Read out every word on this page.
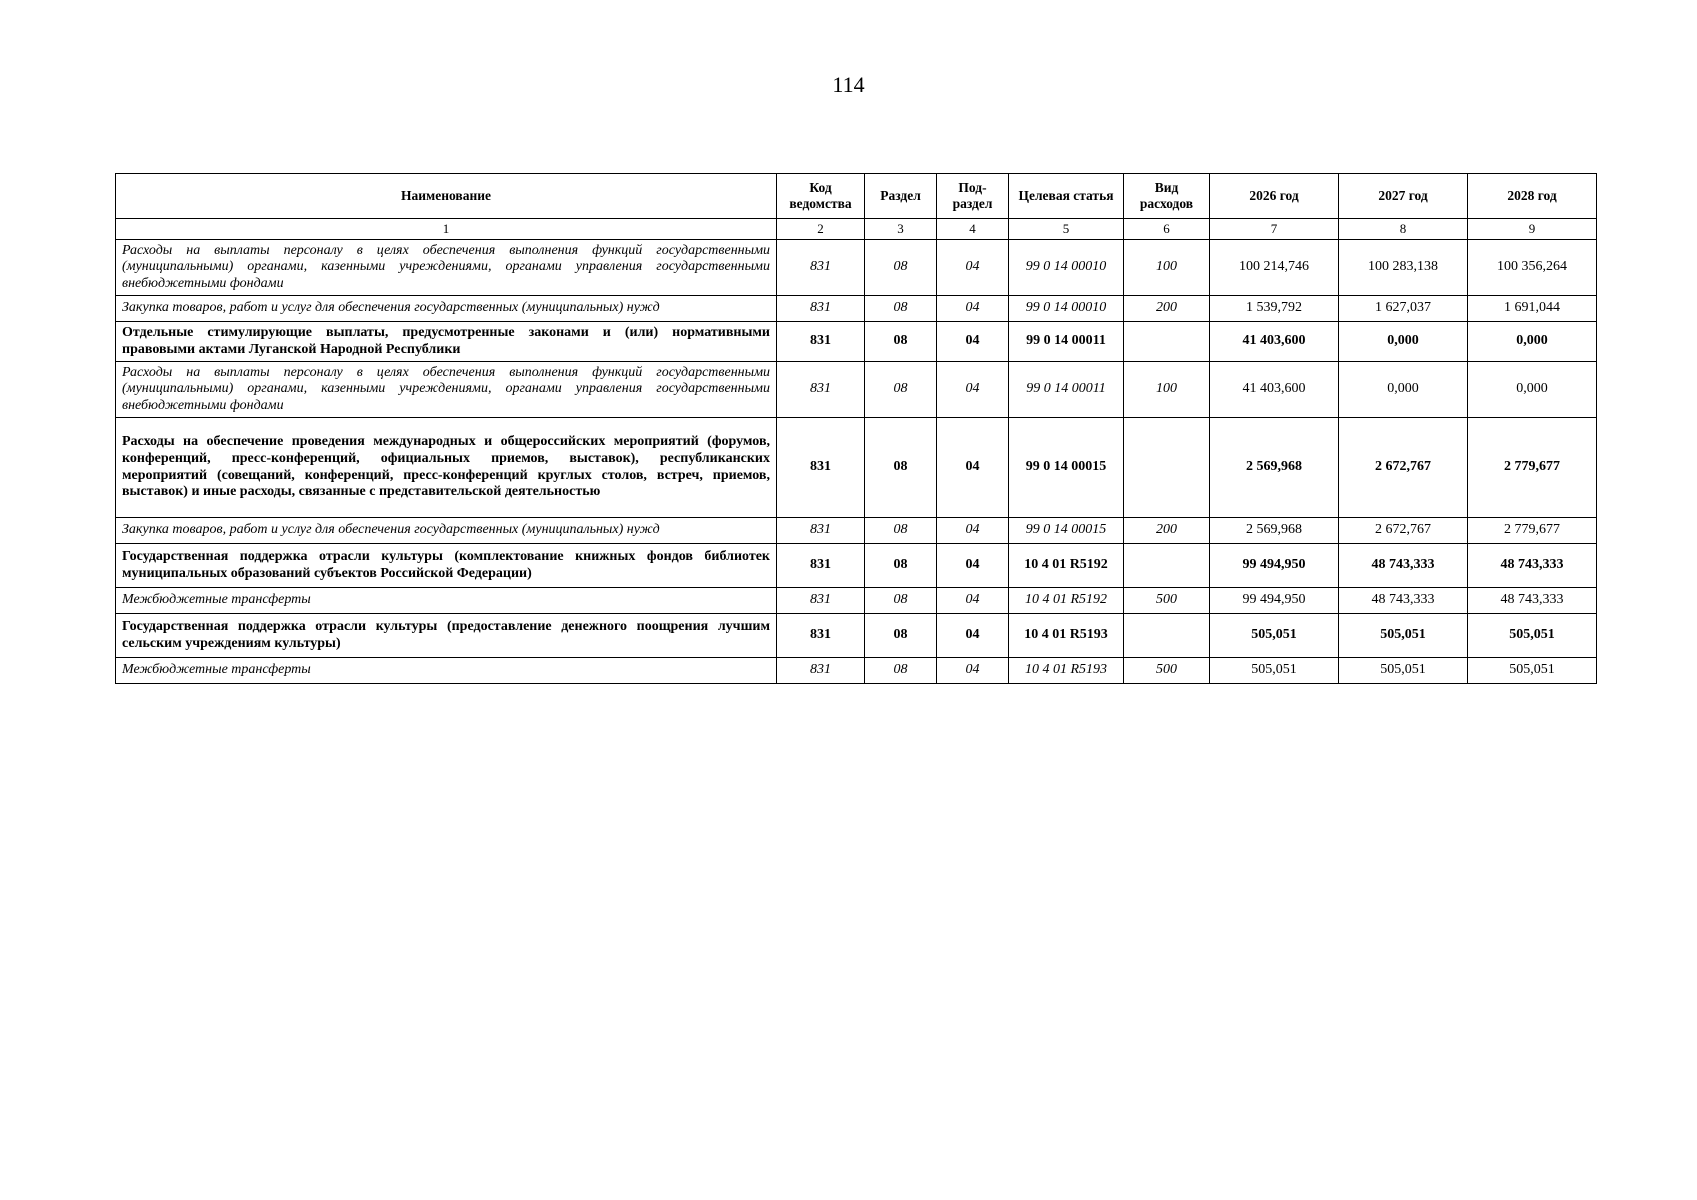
114
Наименование	Код ведомства	Раздел	Под- раздел	Целевая статья	Вид расходов	2026 год	2027 год	2028 год
1	2	3	4	5	6	7	8	9
Расходы на выплаты персоналу в целях обеспечения выполнения функций государственными (муниципальными) органами, казенными учреждениями, органами управления государственными внебюджетными фондами	831	08	04	99 0 14 00010	100	100 214,746	100 283,138	100 356,264
Закупка товаров, работ и услуг для обеспечения государственных (муниципальных) нужд	831	08	04	99 0 14 00010	200	1 539,792	1 627,037	1 691,044
Отдельные стимулирующие выплаты, предусмотренные законами и (или) нормативными правовыми актами Луганской Народной Республики	831	08	04	99 0 14 00011		41 403,600	0,000	0,000
Расходы на выплаты персоналу в целях обеспечения выполнения функций государственными (муниципальными) органами, казенными учреждениями, органами управления государственными внебюджетными фондами	831	08	04	99 0 14 00011	100	41 403,600	0,000	0,000
Расходы на обеспечение проведения международных и общероссийских мероприятий (форумов, конференций, пресс-конференций, официальных приемов, выставок), республиканских мероприятий (совещаний, конференций, пресс-конференций круглых столов, встреч, приемов, выставок) и иные расходы, связанные с представительской деятельностью	831	08	04	99 0 14 00015		2 569,968	2 672,767	2 779,677
Закупка товаров, работ и услуг для обеспечения государственных (муниципальных) нужд	831	08	04	99 0 14 00015	200	2 569,968	2 672,767	2 779,677
Государственная поддержка отрасли культуры (комплектование книжных фондов библиотек муниципальных образований субъектов Российской Федерации)	831	08	04	10 4 01 R5192		99 494,950	48 743,333	48 743,333
Межбюджетные трансферты	831	08	04	10 4 01 R5192	500	99 494,950	48 743,333	48 743,333
Государственная поддержка отрасли культуры (предоставление денежного поощрения лучшим сельским учреждениям культуры)	831	08	04	10 4 01 R5193		505,051	505,051	505,051
Межбюджетные трансферты	831	08	04	10 4 01 R5193	500	505,051	505,051	505,051
